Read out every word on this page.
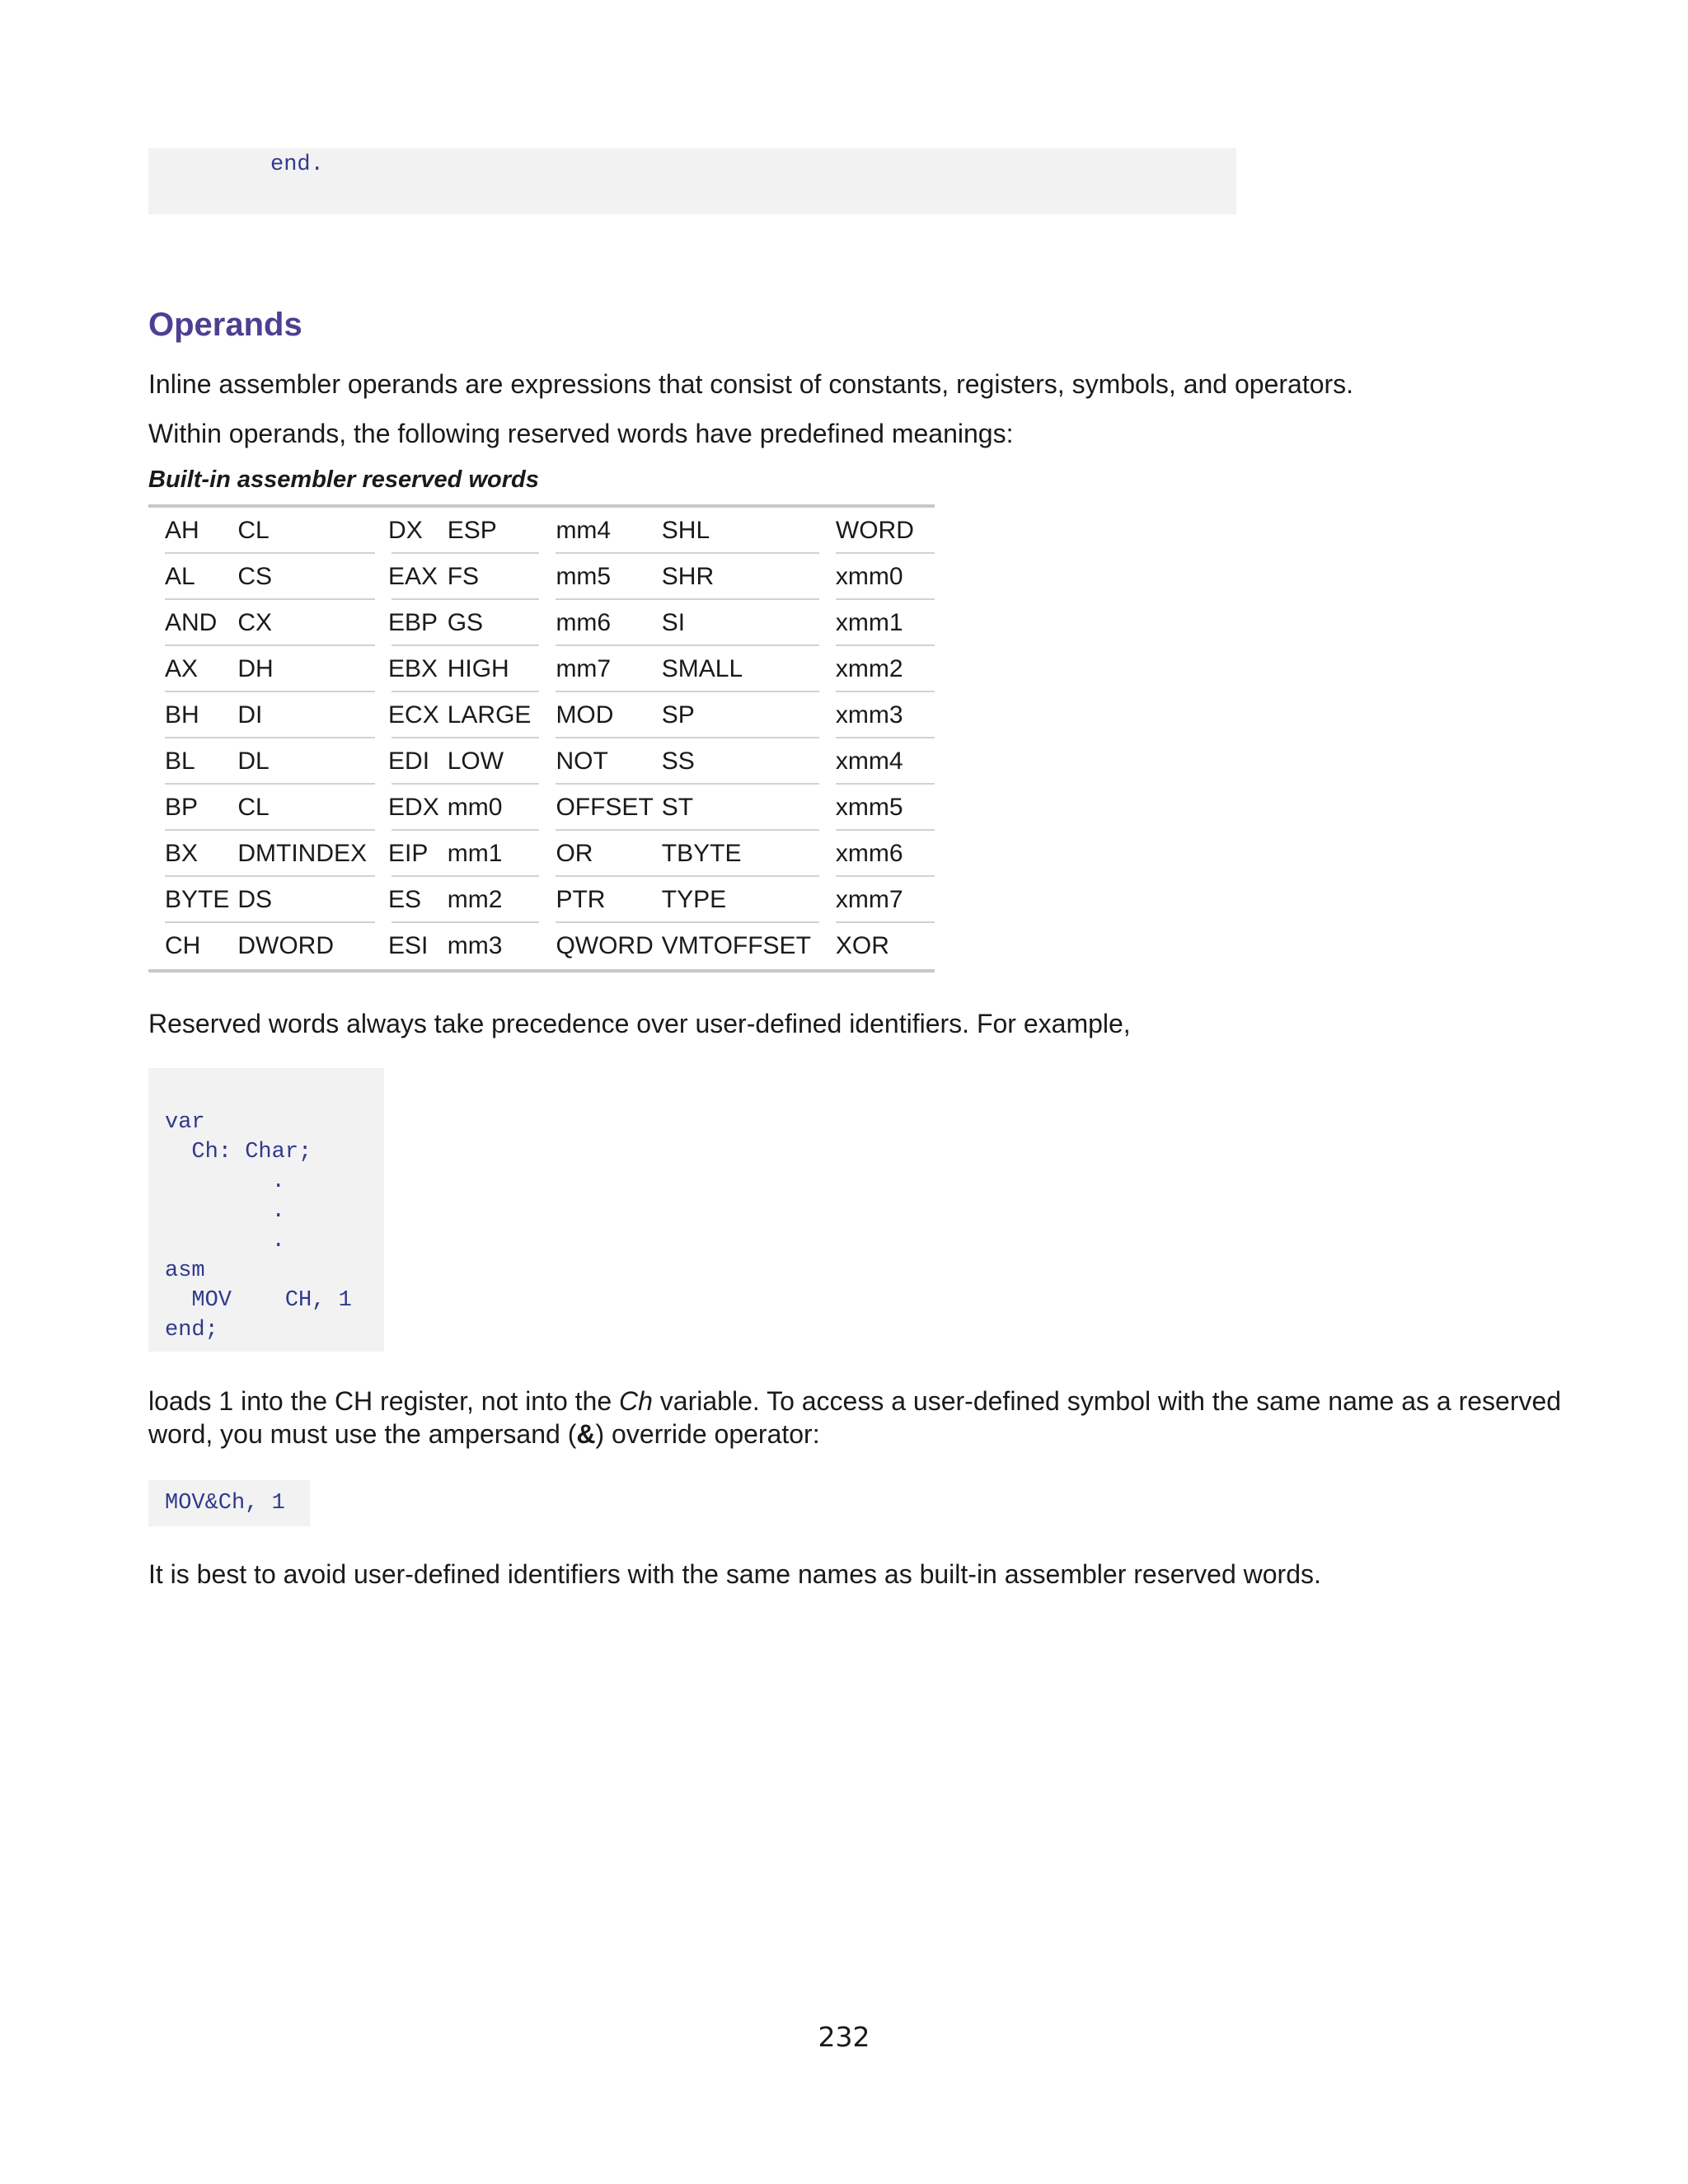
end.

Operands

Inline assembler operands are expressions that consist of constants, registers, symbols, and operators.

Within operands, the following reserved words have predefined meanings:

Built-in assembler reserved words

AH	CL	DX	ESP	mm4	SHL	WORD
AL	CS	EAX	FS	mm5	SHR	xmm0
AND	CX	EBP	GS	mm6	SI	xmm1
AX	DH	EBX	HIGH	mm7	SMALL	xmm2
BH	DI	ECX	LARGE	MOD	SP	xmm3
BL	DL	EDI	LOW	NOT	SS	xmm4
BP	CL	EDX	mm0	OFFSET	ST	xmm5
BX	DMTINDEX	EIP	mm1	OR	TBYTE	xmm6
BYTE	DS	ES	mm2	PTR	TYPE	xmm7
CH	DWORD	ESI	mm3	QWORD	VMTOFFSET	XOR

Reserved words always take precedence over user-defined identifiers. For example,

var
Ch: Char;
.
.
.
asm
MOV    CH, 1
end;

loads 1 into the CH register, not into the Ch variable. To access a user-defined symbol with the same name as a reserved word, you must use the ampersand (&) override operator:

MOV&Ch, 1

It is best to avoid user-defined identifiers with the same names as built-in assembler reserved words.

232
